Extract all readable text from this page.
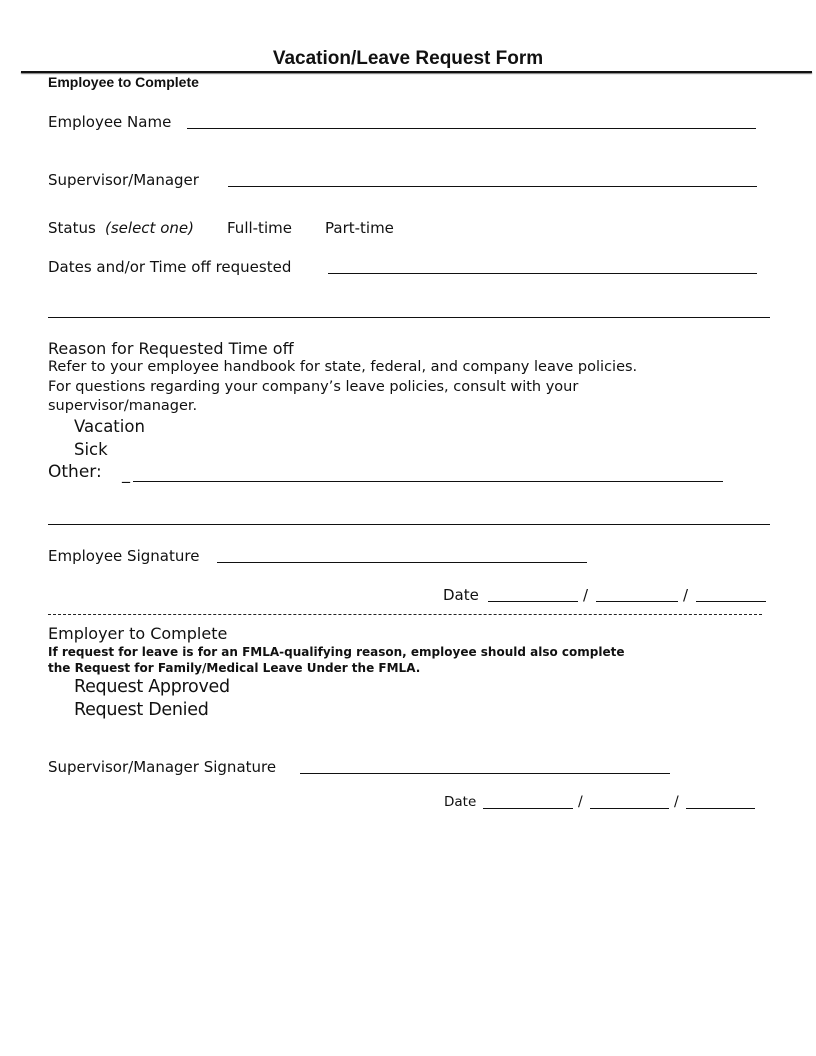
Vacation/Leave Request Form
Employee to Complete
Employee Name
Supervisor/Manager
Status (select one) Full-time Part-time
Dates and/or Time off requested
Reason for Requested Time off
Refer to your employee handbook for state, federal, and company leave policies.
For questions regarding your company’s leave policies, consult with your
supervisor/manager.
Vacation
Sick
Other: _
Employee Signature
Date	/	/
Employer to Complete
If request for leave is for an FMLA-qualifying reason, employee should also complete
the Request for Family/Medical Leave Under the FMLA.
Request Approved
Request Denied
Supervisor/Manager Signature
Date	/	/
